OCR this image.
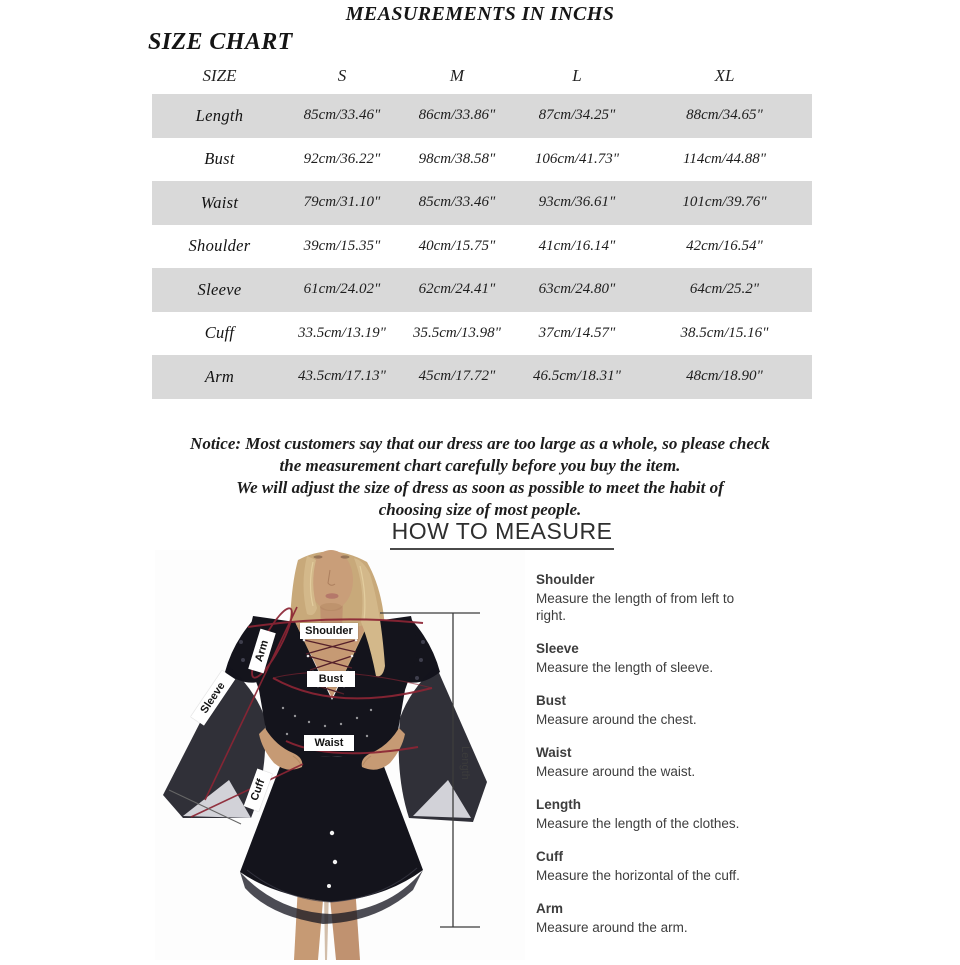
MEASUREMENTS IN INCHS
SIZE CHART
SIZE	S	M	L	XL
Length	85cm/33.46"	86cm/33.86"	87cm/34.25"	88cm/34.65"
Bust	92cm/36.22"	98cm/38.58"	106cm/41.73"	114cm/44.88"
Waist	79cm/31.10"	85cm/33.46"	93cm/36.61"	101cm/39.76"
Shoulder	39cm/15.35"	40cm/15.75"	41cm/16.14"	42cm/16.54"
Sleeve	61cm/24.02"	62cm/24.41"	63cm/24.80"	64cm/25.2"
Cuff	33.5cm/13.19"	35.5cm/13.98"	37cm/14.57"	38.5cm/15.16"
Arm	43.5cm/17.13"	45cm/17.72"	46.5cm/18.31"	48cm/18.90"
Notice: Most customers say that our dress are too large as a whole, so please check
the measurement chart carefully before you buy the item.
We will adjust the size of dress as soon as possible to meet the habit of
choosing size of most people.
HOW TO MEASURE
Length
Shoulder
Bust
Waist
Arm
Sleeve
Cuff
Shoulder
Measure the length of from left to right.
Sleeve
Measure the length of sleeve.
Bust
Measure around the chest.
Waist
Measure around the waist.
Length
Measure the length of the clothes.
Cuff
Measure the horizontal of the cuff.
Arm
Measure around the arm.
